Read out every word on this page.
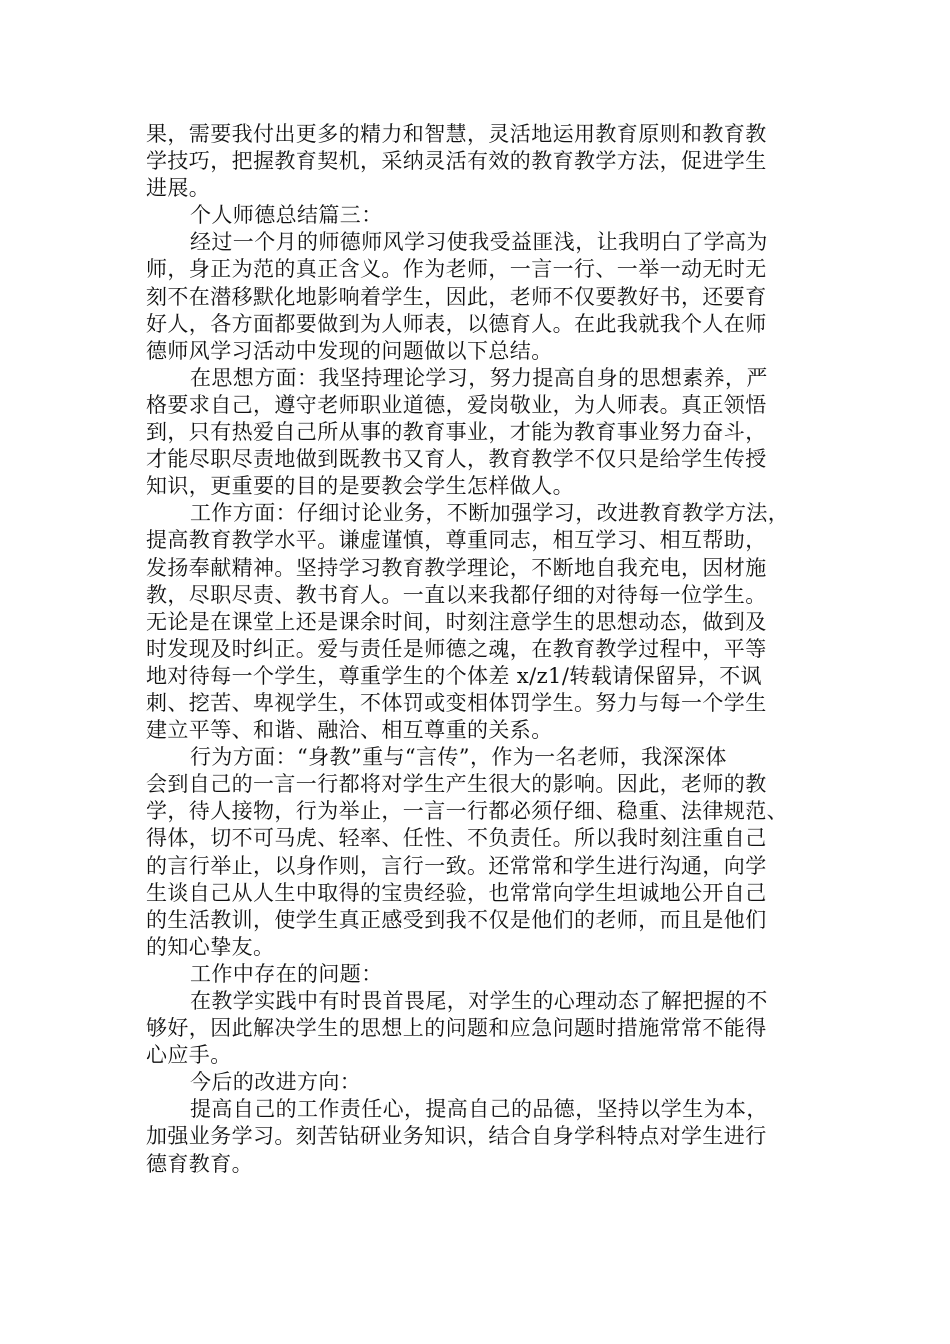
果，需要我付出更多的精力和智慧，灵活地运用教育原则和教育教
学技巧，把握教育契机，采纳灵活有效的教育教学方法，促进学生
进展。
个人师德总结篇三：
经过一个月的师德师风学习使我受益匪浅，让我明白了学高为
师，身正为范的真正含义。作为老师，一言一行、一举一动无时无
刻不在潜移默化地影响着学生，因此，老师不仅要教好书，还要育
好人，各方面都要做到为人师表，以德育人。在此我就我个人在师
德师风学习活动中发现的问题做以下总结。
在思想方面：我坚持理论学习，努力提高自身的思想素养，严
格要求自己，遵守老师职业道德，爱岗敬业，为人师表。真正领悟
到，只有热爱自己所从事的教育事业，才能为教育事业努力奋斗，
才能尽职尽责地做到既教书又育人，教育教学不仅只是给学生传授
知识，更重要的目的是要教会学生怎样做人。
工作方面：仔细讨论业务，不断加强学习，改进教育教学方法，
提高教育教学水平。谦虚谨慎，尊重同志，相互学习、相互帮助，
发扬奉献精神。坚持学习教育教学理论，不断地自我充电，因材施
教，尽职尽责、教书育人。一直以来我都仔细的对待每一位学生。
无论是在课堂上还是课余时间，时刻注意学生的思想动态，做到及
时发现及时纠正。爱与责任是师德之魂，在教育教学过程中，平等
地对待每一个学生，尊重学生的个体差 x/z1/转载请保留异，不讽
刺、挖苦、卑视学生，不体罚或变相体罚学生。努力与每一个学生
建立平等、和谐、融洽、相互尊重的关系。
行为方面：“身教”重与“言传”，作为一名老师，我深深体
会到自己的一言一行都将对学生产生很大的影响。因此，老师的教
学，待人接物，行为举止，一言一行都必须仔细、稳重、法律规范、
得体，切不可马虎、轻率、任性、不负责任。所以我时刻注重自己
的言行举止，以身作则，言行一致。还常常和学生进行沟通，向学
生谈自己从人生中取得的宝贵经验，也常常向学生坦诚地公开自己
的生活教训，使学生真正感受到我不仅是他们的老师，而且是他们
的知心挚友。
工作中存在的问题：
在教学实践中有时畏首畏尾，对学生的心理动态了解把握的不
够好，因此解决学生的思想上的问题和应急问题时措施常常不能得
心应手。
今后的改进方向：
提高自己的工作责任心，提高自己的品德，坚持以学生为本，
加强业务学习。刻苦钻研业务知识，结合自身学科特点对学生进行
德育教育。
